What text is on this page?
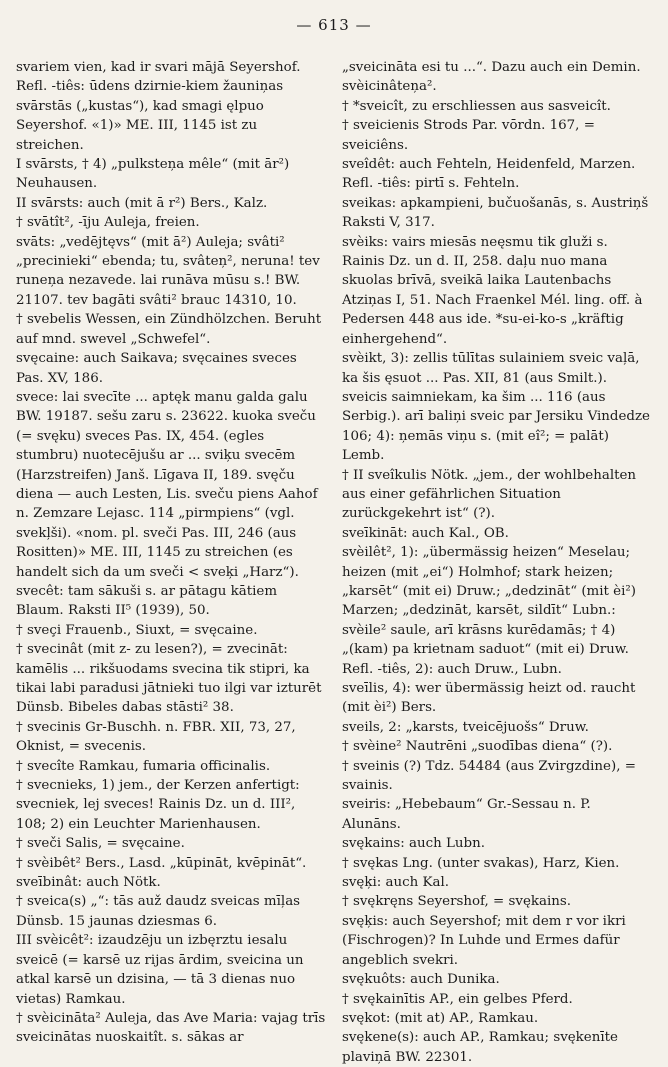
— 613 —

svariem vien, kad ir svari mājā Seyershof. Refl. -tiês: ūdens dzirnie-kiem žauniņas svārstās („kustas“), kad smagi ęlpuo Seyershof. «1)» ME. III, 1145 ist zu streichen.

I svārsts, † 4) „pulksteņa mêle“ (mit ār²) Neuhausen.

II svārsts: auch (mit ā r²) Bers., Kalz.

† svātît², -īju Auleja, freien.

svāts: „vedējtęvs“ (mit ā²) Auleja; svâti² „precinieki“ ebenda; tu, svâteņ², neruna! tev runeņa nezavede. lai runāva mūsu s.! BW. 21107. tev bagāti svâti² brauc 14310, 10.

† svebelis Wessen, ein Zündhölzchen. Beruht auf mnd. swevel „Schwefel“.

svęcaine: auch Saikava; svęcaines sveces Pas. XV, 186.

svece: lai svecīte ... aptęk manu galda galu BW. 19187. sešu zaru s. 23622. kuoka sveču (= svęku) sveces Pas. IX, 454. (egles stumbru) nuotecējušu ar ... sviķu svecēm (Harzstreifen) Janš. Līgava II, 189. svęču diena — auch Lesten, Lis. sveču piens Aahof n. Zemzare Lejasc. 114 „pirmpiens“ (vgl. svekļši). «nom. pl. sveči Pas. III, 246 (aus Rositten)» ME. III, 1145 zu streichen (es handelt sich da um sveči < sveķi „Harz“).

svecêt: tam sākuši s. ar pātagu kātiem Blaum. Raksti II⁵ (1939), 50.

† sveçi Frauenb., Siuxt, = svęcaine.

† svecinât (mit z- zu lesen?), = zvecināt: kamēlis ... rikšuodams svecina tik stipri, ka tikai labi paradusi jātnieki tuo ilgi var izturēt Dünsb. Bibeles dabas stāsti² 38.

† svecinis Gr-Buschh. n. FBR. XII, 73, 27, Oknist, = svecenis.

† svecîte Ramkau, fumaria officinalis.

† svecnieks, 1) jem., der Kerzen anfertigt: svecniek, lej sveces! Rainis Dz. un d. III², 108; 2) ein Leuchter Marienhausen.

† sveči Salis, = svęcaine.

† svèibêt² Bers., Lasd. „kūpināt, kvēpināt“.

sveībinât: auch Nötk.

† sveica(s) „“: tās auž daudz sveicas mīļas Dünsb. 15 jaunas dziesmas 6.

III svèicêt²: izaudzēju un izbęrztu iesalu sveicē (= karsē uz rijas ārdim, sveicina un atkal karsē un dzisina, — tā 3 dienas nuo vietas) Ramkau.

† svèicināta² Auleja, das Ave Maria: vajag trīs sveicinātas nuoskaitît. s. sākas ar

„sveicināta esi tu ...“. Dazu auch ein Demin. svèicinâteņa².

† *sveicît, zu erschliessen aus sasveicît.

† sveicienis Strods Par. vōrdn. 167, = sveiciêns.

sveîdêt: auch Fehteln, Heidenfeld, Marzen. Refl. -tiês: pirtī s. Fehteln.

sveikas: apkampieni, bučuošanās, s. Austriņš Raksti V, 317.

svèiks: vairs miesās neęsmu tik gluži s. Rainis Dz. un d. II, 258. daļu nuo mana skuolas brīvā, sveikā laika Lautenbachs Atziņas I, 51. Nach Fraenkel Mél. ling. off. à Pedersen 448 aus ide. *su-ei-ko-s „kräftig einhergehend“.

svèikt, 3): zellis tūlītas sulainiem sveic vaļā, ka šis ęsuot ... Pas. XII, 81 (aus Smilt.). sveicis saimniekam, ka šim ... 116 (aus Serbig.). arī baliņi sveic par Jersiku Vindedze 106; 4): ņemās viņu s. (mit eî²; = palāt) Lemb.

† II sveîkulis Nötk. „jem., der wohlbehalten aus einer gefährlichen Situation zurückgekehrt ist“ (?).

sveīkināt: auch Kal., OB.

svèilêt², 1): „übermässig heizen“ Meselau; heizen (mit „ei“) Holmhof; stark heizen; „karsēt“ (mit ei) Druw.; „dedzināt“ (mit èi²) Marzen; „dedzināt, karsēt, sildīt“ Lubn.: svèile² saule, arī krāsns kurēdamās; † 4) „(kam) pa krietnam saduot“ (mit ei) Druw. Refl. -tiês, 2): auch Druw., Lubn.

sveīlis, 4): wer übermässig heizt od. raucht (mit èi²) Bers.

sveils, 2: „karsts, tveicējuošs“ Druw.

† svèine² Nautrēni „suodības diena“ (?).

† sveinis (?) Tdz. 54484 (aus Zvirgzdine), = svainis.

sveiris: „Hebebaum“ Gr.-Sessau n. P. Alunāns.

svękains: auch Lubn.

† svękas Lng. (unter svakas), Harz, Kien.

svęķi: auch Kal.

† svękręns Seyershof, = svękains.

svęķis: auch Seyershof; mit dem r vor ikri (Fischrogen)? In Luhde und Ermes dafür angeblich svekri.

svękuôts: auch Dunika.

† svękainītis AP., ein gelbes Pferd.

svękot: (mit at) AP., Ramkau.

svękene(s): auch AP., Ramkau; svękenīte plaviņā BW. 22301.
